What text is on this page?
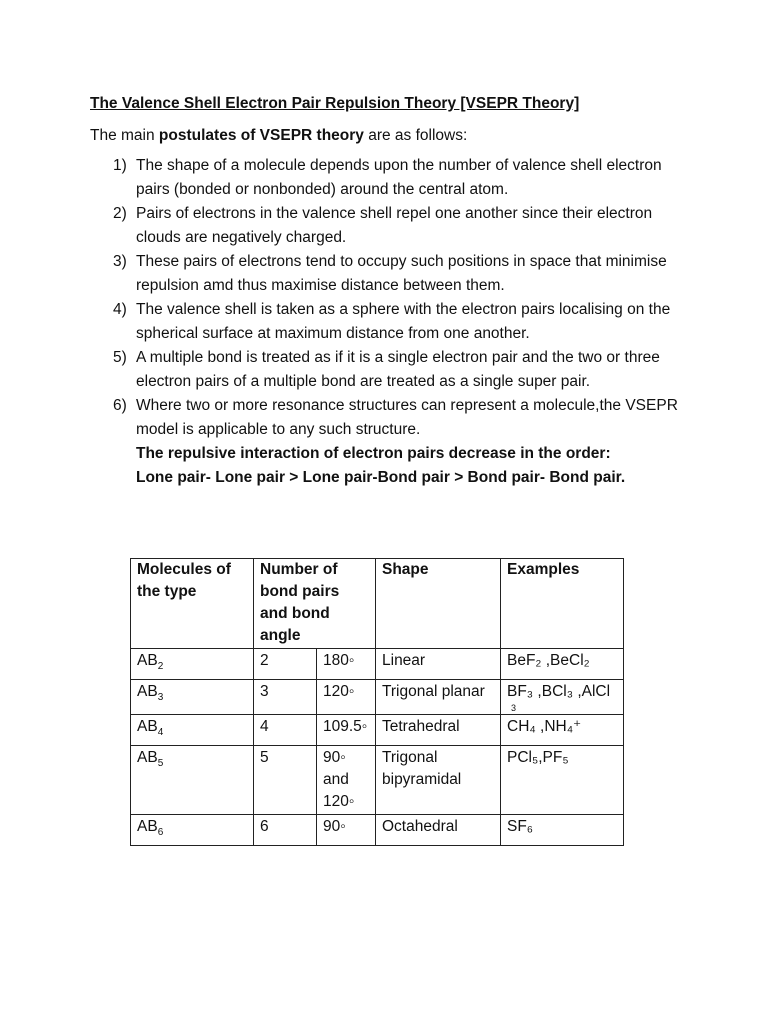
The Valence Shell Electron Pair Repulsion Theory [VSEPR Theory]

The main postulates of VSEPR theory are as follows:

1) The shape of a molecule depends upon the number of valence shell electron pairs (bonded or nonbonded) around the central atom.
2) Pairs of electrons in the valence shell repel one another since their electron clouds are negatively charged.
3) These pairs of electrons tend to occupy such positions in space that minimise repulsion amd thus maximise distance between them.
4) The valence shell is taken as a sphere with the electron pairs localising on the spherical surface at maximum distance from one another.
5) A multiple bond is treated as if it is a single electron pair and the two or three electron pairs of a multiple bond are treated as a single super pair.
6) Where two or more resonance structures can represent a molecule,the VSEPR model is applicable to any such structure.
The repulsive interaction of electron pairs decrease in the order:
Lone pair- Lone pair > Lone pair-Bond pair > Bond pair- Bond pair.
Molecules of the type	Number of bond pairs and bond angle		Shape	Examples
$AB_2$	2	180◦	Linear	BeF₂ ,BeCl₂
$AB_3$	3	120◦	Trigonal planar	BF₃ ,BCl₃ ,AlCl
3

$AB_4$	4	109.5◦	Tetrahedral	CH₄ ,NH₄⁺
$AB_5$	5	90◦ and 120◦	Trigonal bipyramidal	PCl₅,PF₅
$AB_6$	6	90◦	Octahedral	SF₆
